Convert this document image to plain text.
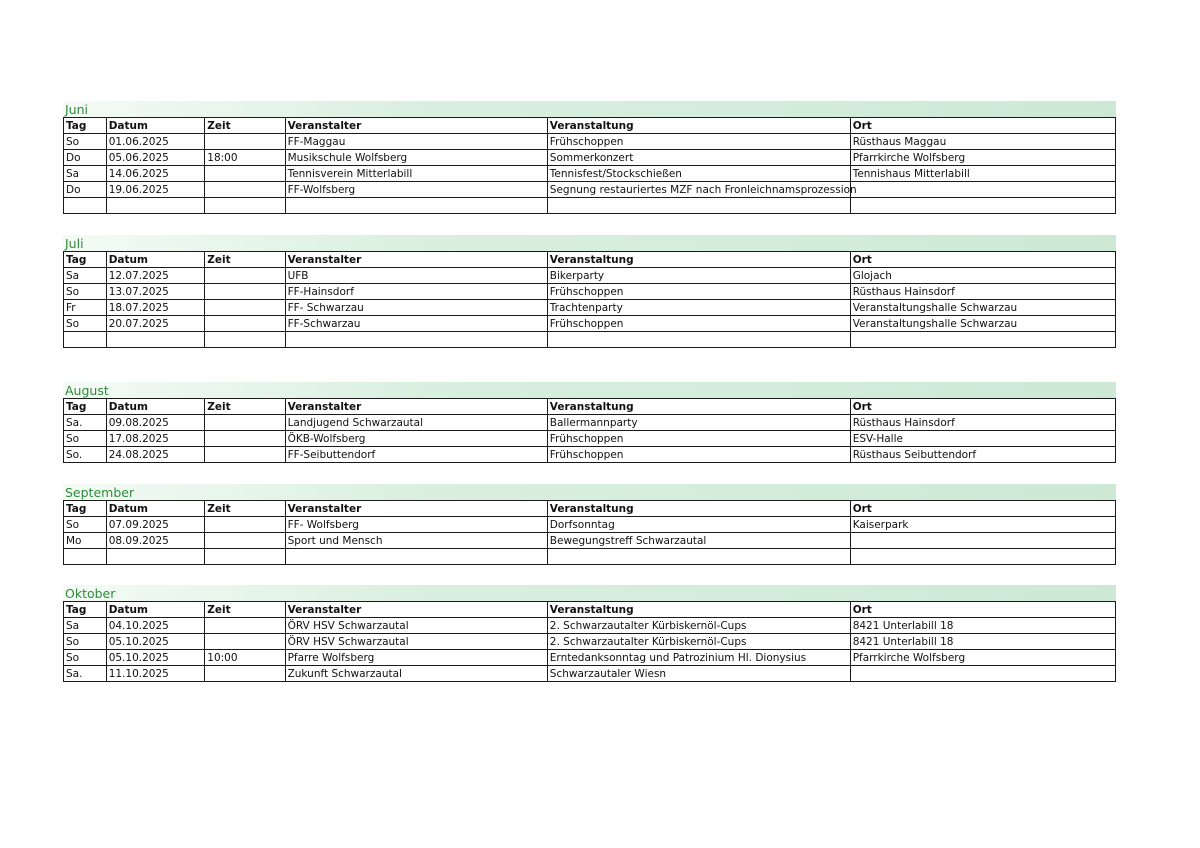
Juni
Tag	Datum	Zeit	Veranstalter	Veranstaltung	Ort
So	01.06.2025		FF-Maggau	Frühschoppen	Rüsthaus Maggau
Do	05.06.2025	18:00	Musikschule Wolfsberg	Sommerkonzert	Pfarrkirche Wolfsberg
Sa	14.06.2025		Tennisverein Mitterlabill	Tennisfest/Stockschießen	Tennishaus Mitterlabill
Do	19.06.2025		FF-Wolfsberg	Segnung restauriertes MZF nach Fronleichnamsprozession	

Juli
Tag	Datum	Zeit	Veranstalter	Veranstaltung	Ort
Sa	12.07.2025		UFB	Bikerparty	Glojach
So	13.07.2025		FF-Hainsdorf	Frühschoppen	Rüsthaus Hainsdorf
Fr	18.07.2025		FF- Schwarzau	Trachtenparty	Veranstaltungshalle Schwarzau
So	20.07.2025		FF-Schwarzau	Frühschoppen	Veranstaltungshalle Schwarzau

August
Tag	Datum	Zeit	Veranstalter	Veranstaltung	Ort
Sa.	09.08.2025		Landjugend Schwarzautal	Ballermannparty	Rüsthaus Hainsdorf
So	17.08.2025		ÖKB-Wolfsberg	Frühschoppen	ESV-Halle
So.	24.08.2025		FF-Seibuttendorf	Frühschoppen	Rüsthaus Seibuttendorf
September
Tag	Datum	Zeit	Veranstalter	Veranstaltung	Ort
So	07.09.2025		FF- Wolfsberg	Dorfsonntag	Kaiserpark
Mo	08.09.2025		Sport und Mensch	Bewegungstreff Schwarzautal	

Oktober
Tag	Datum	Zeit	Veranstalter	Veranstaltung	Ort
Sa	04.10.2025		ÖRV HSV Schwarzautal	2. Schwarzautalter Kürbiskernöl-Cups	8421 Unterlabill 18
So	05.10.2025		ÖRV HSV Schwarzautal	2. Schwarzautalter Kürbiskernöl-Cups	8421 Unterlabill 18
So	05.10.2025	10:00	Pfarre Wolfsberg	Erntedanksonntag und Patrozinium Hl. Dionysius	Pfarrkirche Wolfsberg
Sa.	11.10.2025		Zukunft Schwarzautal	Schwarzautaler Wiesn	
